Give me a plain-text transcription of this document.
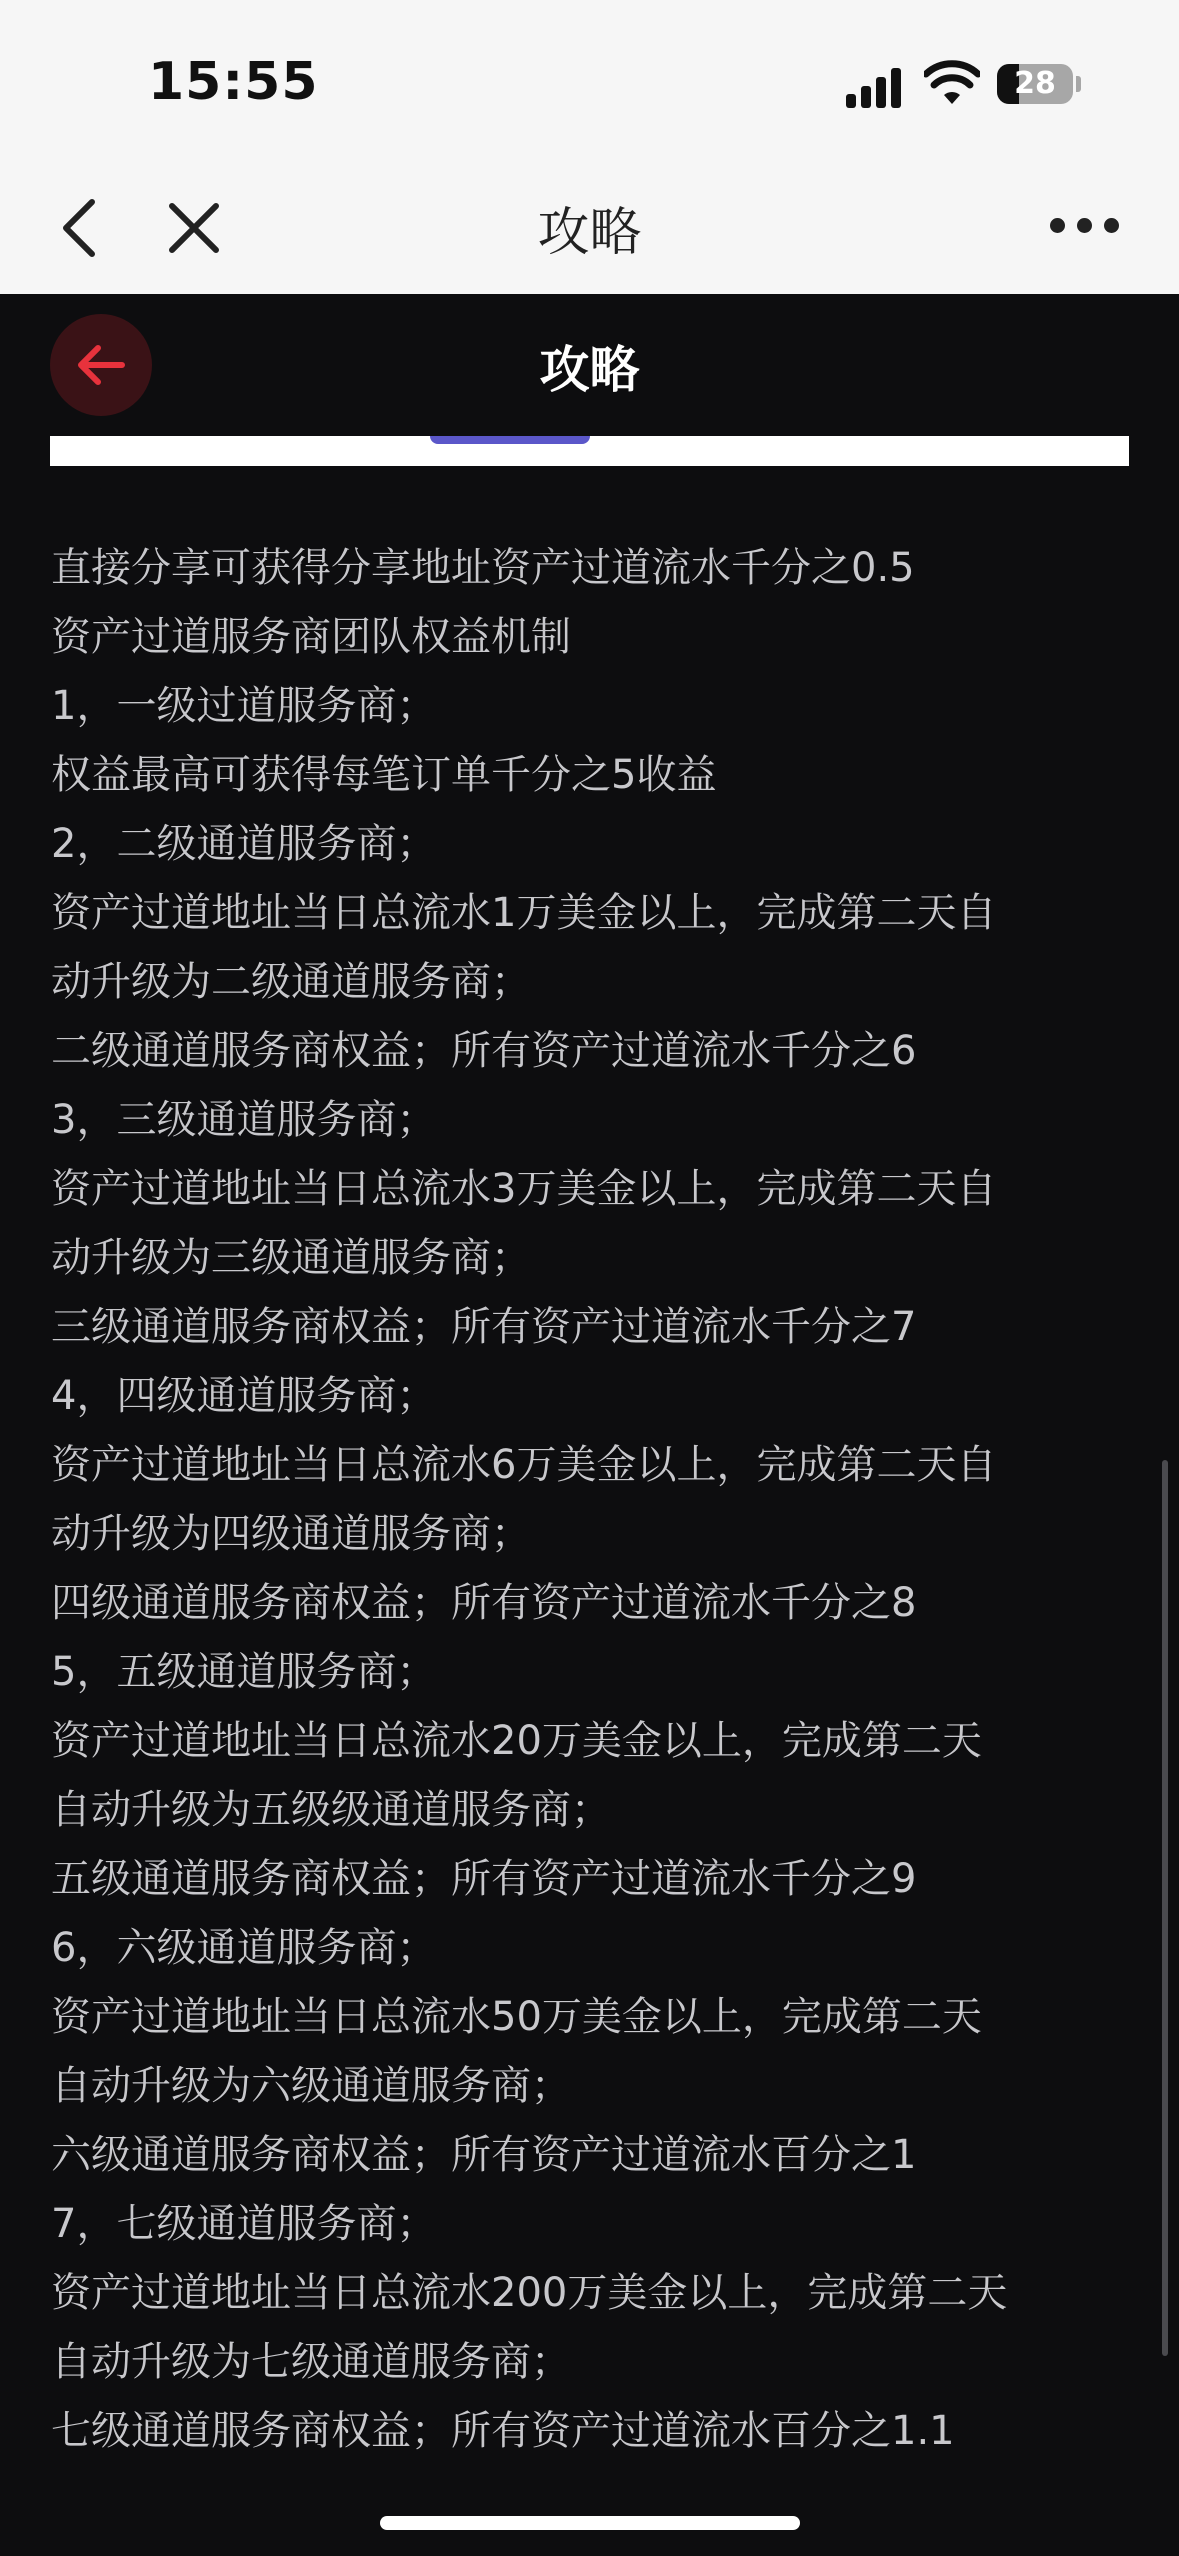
15:55	28
攻略
攻略

直接分享可获得分享地址资产过道流水千分之0.5

资产过道服务商团队权益机制

1，一级过道服务商；

权益最高可获得每笔订单千分之5收益

2，二级通道服务商；

资产过道地址当日总流水1万美金以上，完成第二天自

动升级为二级通道服务商；

二级通道服务商权益；所有资产过道流水千分之6

3，三级通道服务商；

资产过道地址当日总流水3万美金以上，完成第二天自

动升级为三级通道服务商；

三级通道服务商权益；所有资产过道流水千分之7

4，四级通道服务商；

资产过道地址当日总流水6万美金以上，完成第二天自

动升级为四级通道服务商；

四级通道服务商权益；所有资产过道流水千分之8

5，五级通道服务商；

资产过道地址当日总流水20万美金以上，完成第二天

自动升级为五级级通道服务商；

五级通道服务商权益；所有资产过道流水千分之9

6，六级通道服务商；

资产过道地址当日总流水50万美金以上，完成第二天

自动升级为六级通道服务商；

六级通道服务商权益；所有资产过道流水百分之1

7，七级通道服务商；

资产过道地址当日总流水200万美金以上，完成第二天

自动升级为七级通道服务商；

七级通道服务商权益；所有资产过道流水百分之1.1
